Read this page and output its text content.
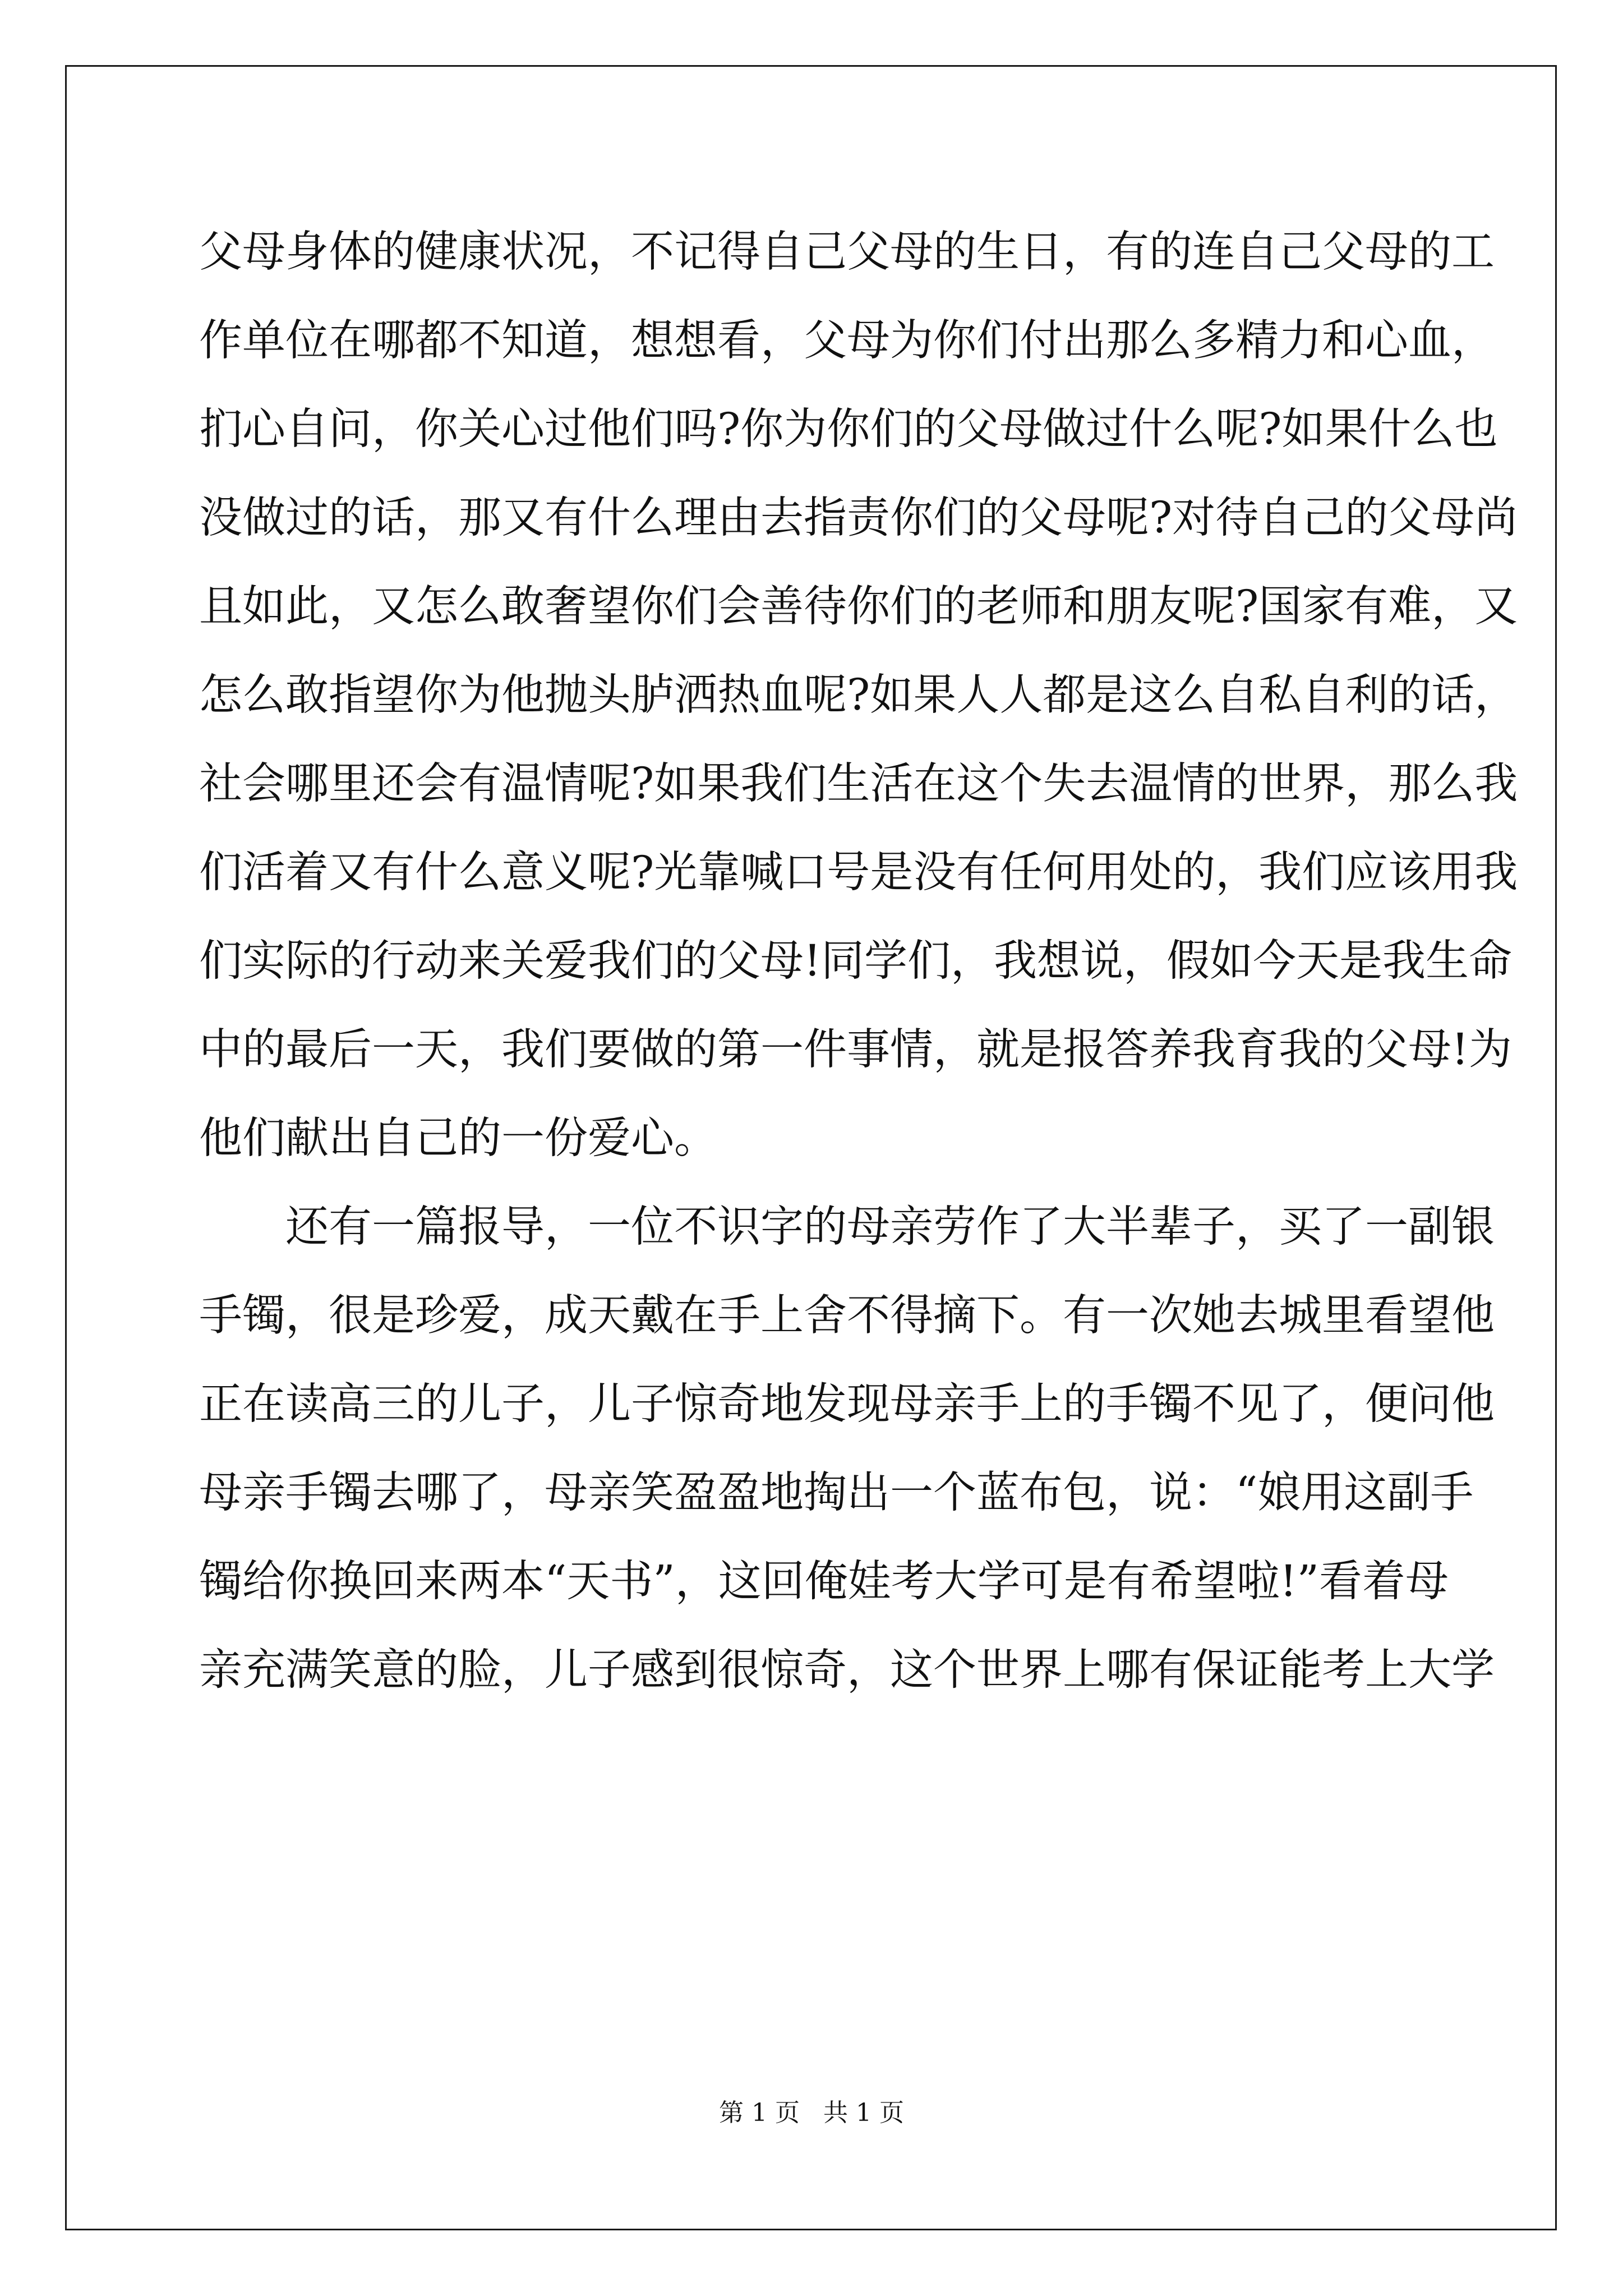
父母身体的健康状况，不记得自己父母的生日，有的连自己父母的工
作单位在哪都不知道，想想看，父母为你们付出那么多精力和心血，
扪心自问，你关心过他们吗?你为你们的父母做过什么呢?如果什么也
没做过的话，那又有什么理由去指责你们的父母呢?对待自己的父母尚
且如此，又怎么敢奢望你们会善待你们的老师和朋友呢?国家有难，又
怎么敢指望你为他抛头胪洒热血呢?如果人人都是这么自私自利的话，
社会哪里还会有温情呢?如果我们生活在这个失去温情的世界，那么我
们活着又有什么意义呢?光靠喊口号是没有任何用处的，我们应该用我
们实际的行动来关爱我们的父母!同学们，我想说，假如今天是我生命
中的最后一天，我们要做的第一件事情，就是报答养我育我的父母!为
他们献出自己的一份爱心。
还有一篇报导，一位不识字的母亲劳作了大半辈子，买了一副银
手镯，很是珍爱，成天戴在手上舍不得摘下。有一次她去城里看望他
正在读高三的儿子，儿子惊奇地发现母亲手上的手镯不见了，便问他
母亲手镯去哪了，母亲笑盈盈地掏出一个蓝布包，说：“娘用这副手
镯给你换回来两本“天书”，这回俺娃考大学可是有希望啦!”看着母
亲充满笑意的脸，儿子感到很惊奇，这个世界上哪有保证能考上大学
第 1 页   共 1 页
